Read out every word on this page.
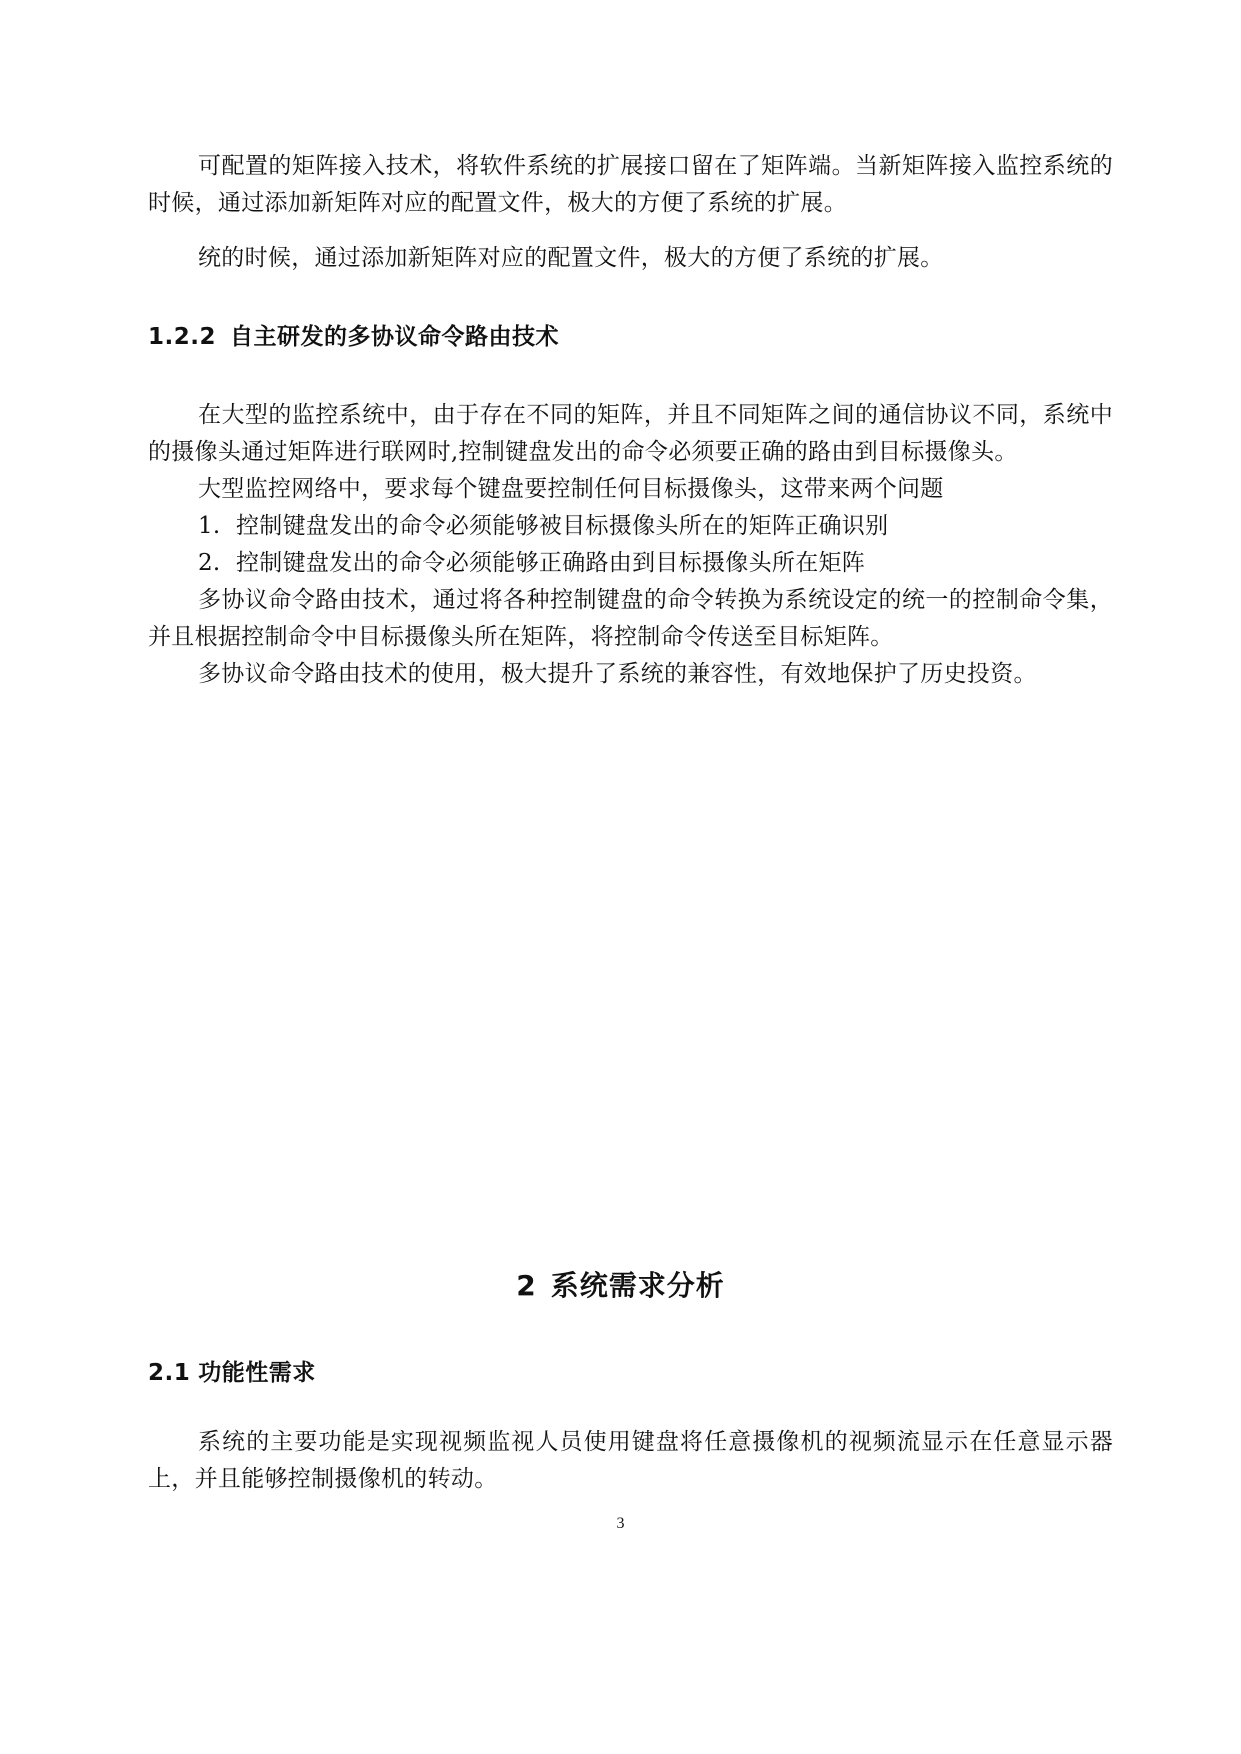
可配置的矩阵接入技术，将软件系统的扩展接口留在了矩阵端。当新矩阵接入监控系统的时候，通过添加新矩阵对应的配置文件，极大的方便了系统的扩展。

统的时候，通过添加新矩阵对应的配置文件，极大的方便了系统的扩展。

1.2.2 自主研发的多协议命令路由技术

在大型的监控系统中，由于存在不同的矩阵，并且不同矩阵之间的通信协议不同，系统中的摄像头通过矩阵进行联网时,控制键盘发出的命令必须要正确的路由到目标摄像头。

大型监控网络中，要求每个键盘要控制任何目标摄像头，这带来两个问题

1. 控制键盘发出的命令必须能够被目标摄像头所在的矩阵正确识别

2. 控制键盘发出的命令必须能够正确路由到目标摄像头所在矩阵

多协议命令路由技术，通过将各种控制键盘的命令转换为系统设定的统一的控制命令集，并且根据控制命令中目标摄像头所在矩阵，将控制命令传送至目标矩阵。

多协议命令路由技术的使用，极大提升了系统的兼容性，有效地保护了历史投资。

2 系统需求分析
2.1 功能性需求

系统的主要功能是实现视频监视人员使用键盘将任意摄像机的视频流显示在任意显示器上，并且能够控制摄像机的转动。

3
